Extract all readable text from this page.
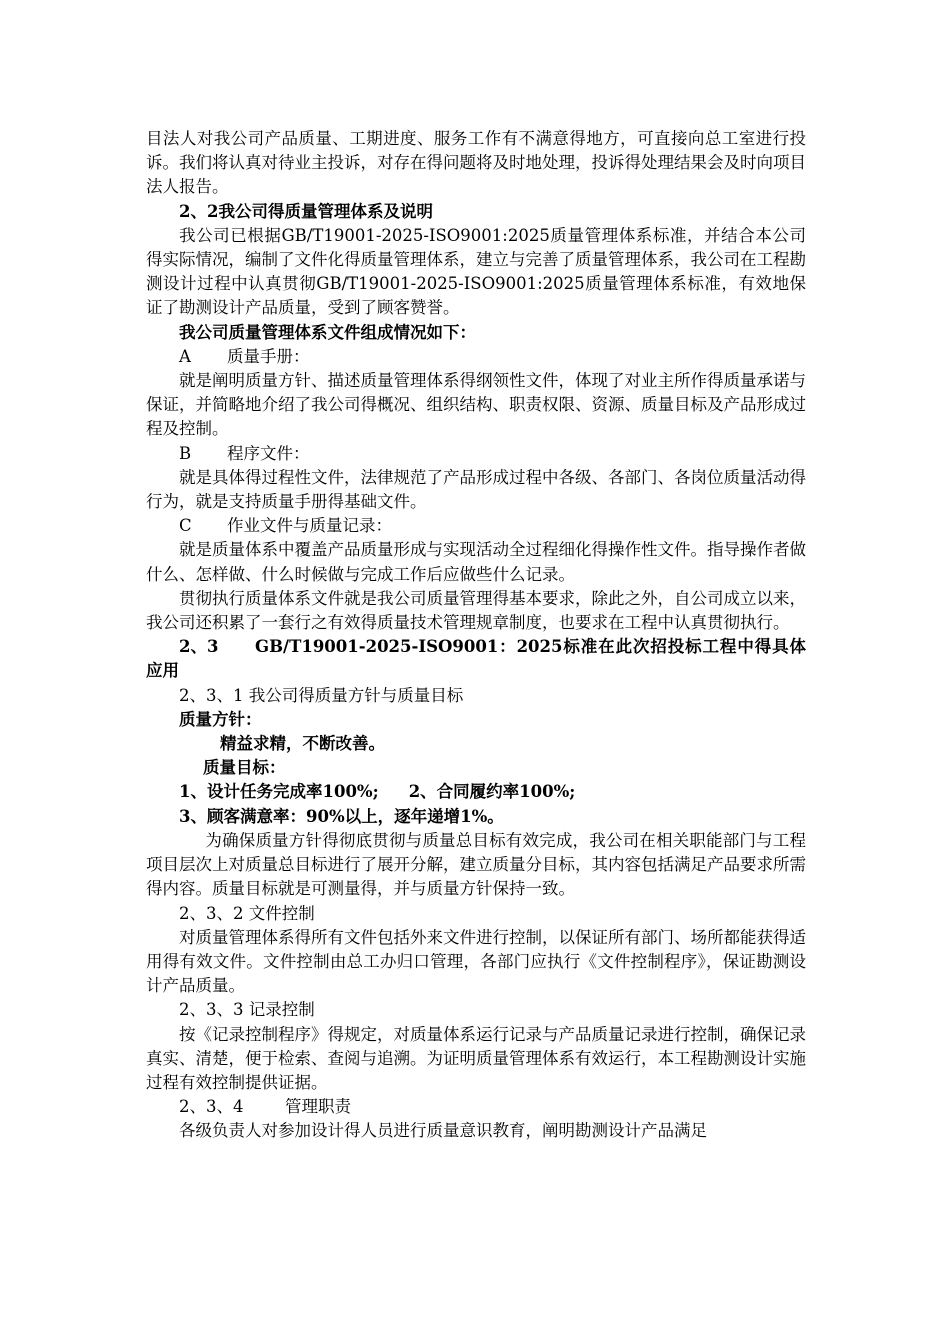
目法人对我公司产品质量、工期进度、服务工作有不满意得地方，可直接向总工室进行投诉。我们将认真对待业主投诉，对存在得问题将及时地处理，投诉得处理结果会及时向项目法人报告。

2、2我公司得质量管理体系及说明

我公司已根据GB/T19001-2025-ISO9001:2025质量管理体系标准，并结合本公司得实际情况，编制了文件化得质量管理体系，建立与完善了质量管理体系，我公司在工程勘测设计过程中认真贯彻GB/T19001-2025-ISO9001:2025质量管理体系标准，有效地保证了勘测设计产品质量，受到了顾客赞誉。

我公司质量管理体系文件组成情况如下：

A 质量手册：

就是阐明质量方针、描述质量管理体系得纲领性文件，体现了对业主所作得质量承诺与保证，并简略地介绍了我公司得概况、组织结构、职责权限、资源、质量目标及产品形成过程及控制。

B 程序文件：

就是具体得过程性文件，法律规范了产品形成过程中各级、各部门、各岗位质量活动得行为，就是支持质量手册得基础文件。

C 作业文件与质量记录：

就是质量体系中覆盖产品质量形成与实现活动全过程细化得操作性文件。指导操作者做什么、怎样做、什么时候做与完成工作后应做些什么记录。

贯彻执行质量体系文件就是我公司质量管理得基本要求，除此之外，自公司成立以来，我公司还积累了一套行之有效得质量技术管理规章制度，也要求在工程中认真贯彻执行。

2、3 GB/T19001-2025-ISO9001：2025标准在此次招投标工程中得具体应用

2、3、1 我公司得质量方针与质量目标

质量方针：

精益求精，不断改善。

质量目标：

1、设计任务完成率100%; 2、合同履约率100%;

3、顾客满意率：90%以上，逐年递增1%。

为确保质量方针得彻底贯彻与质量总目标有效完成，我公司在相关职能部门与工程项目层次上对质量总目标进行了展开分解，建立质量分目标，其内容包括满足产品要求所需得内容。质量目标就是可测量得，并与质量方针保持一致。

2、3、2 文件控制

对质量管理体系得所有文件包括外来文件进行控制，以保证所有部门、场所都能获得适用得有效文件。文件控制由总工办归口管理，各部门应执行《文件控制程序》，保证勘测设计产品质量。

2、3、3 记录控制

按《记录控制程序》得规定，对质量体系运行记录与产品质量记录进行控制，确保记录真实、清楚，便于检索、查阅与追溯。为证明质量管理体系有效运行，本工程勘测设计实施过程有效控制提供证据。

2、3、4	管理职责

各级负责人对参加设计得人员进行质量意识教育，阐明勘测设计产品满足
